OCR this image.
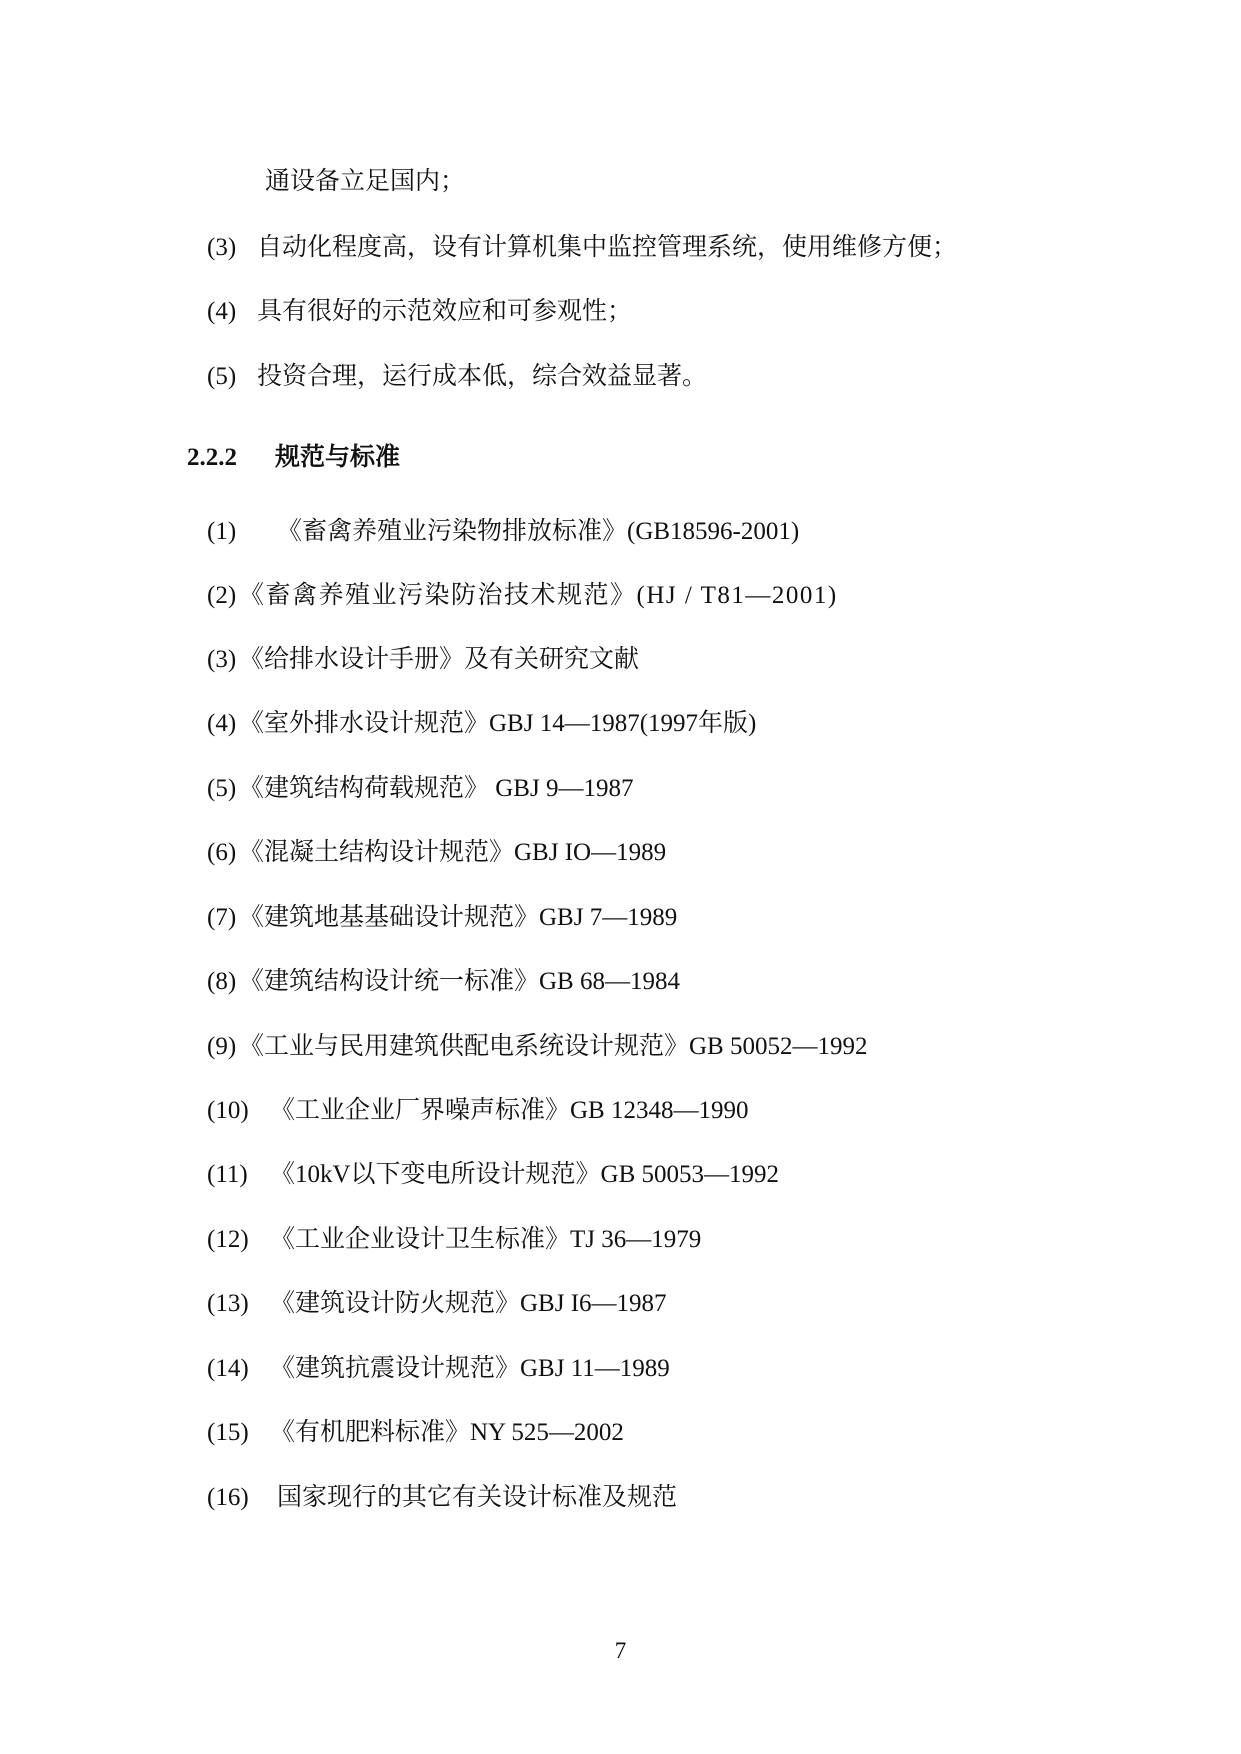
通设备立足国内；
(3) 自动化程度高，设有计算机集中监控管理系统，使用维修方便；
(4) 具有很好的示范效应和可参观性；
(5) 投资合理，运行成本低，综合效益显著。
2.2.2 规范与标准
(1) 《畜禽养殖业污染物排放标准》(GB18596-2001)
(2) 《畜禽养殖业污染防治技术规范》(HJ / T81—2001)
(3) 《给排水设计手册》及有关研究文献
(4) 《室外排水设计规范》GBJ 14—1987(1997年版)
(5) 《建筑结构荷载规范》 GBJ 9—1987
(6) 《混凝土结构设计规范》GBJ IO—1989
(7) 《建筑地基基础设计规范》GBJ 7—1989
(8) 《建筑结构设计统一标准》GB 68—1984
(9) 《工业与民用建筑供配电系统设计规范》GB 50052—1992
(10) 《工业企业厂界噪声标准》GB 12348—1990
(11) 《10kV以下变电所设计规范》GB 50053—1992
(12) 《工业企业设计卫生标准》TJ 36—1979
(13) 《建筑设计防火规范》GBJ I6—1987
(14) 《建筑抗震设计规范》GBJ 11—1989
(15) 《有机肥料标准》NY 525—2002
(16) 国家现行的其它有关设计标准及规范
7
